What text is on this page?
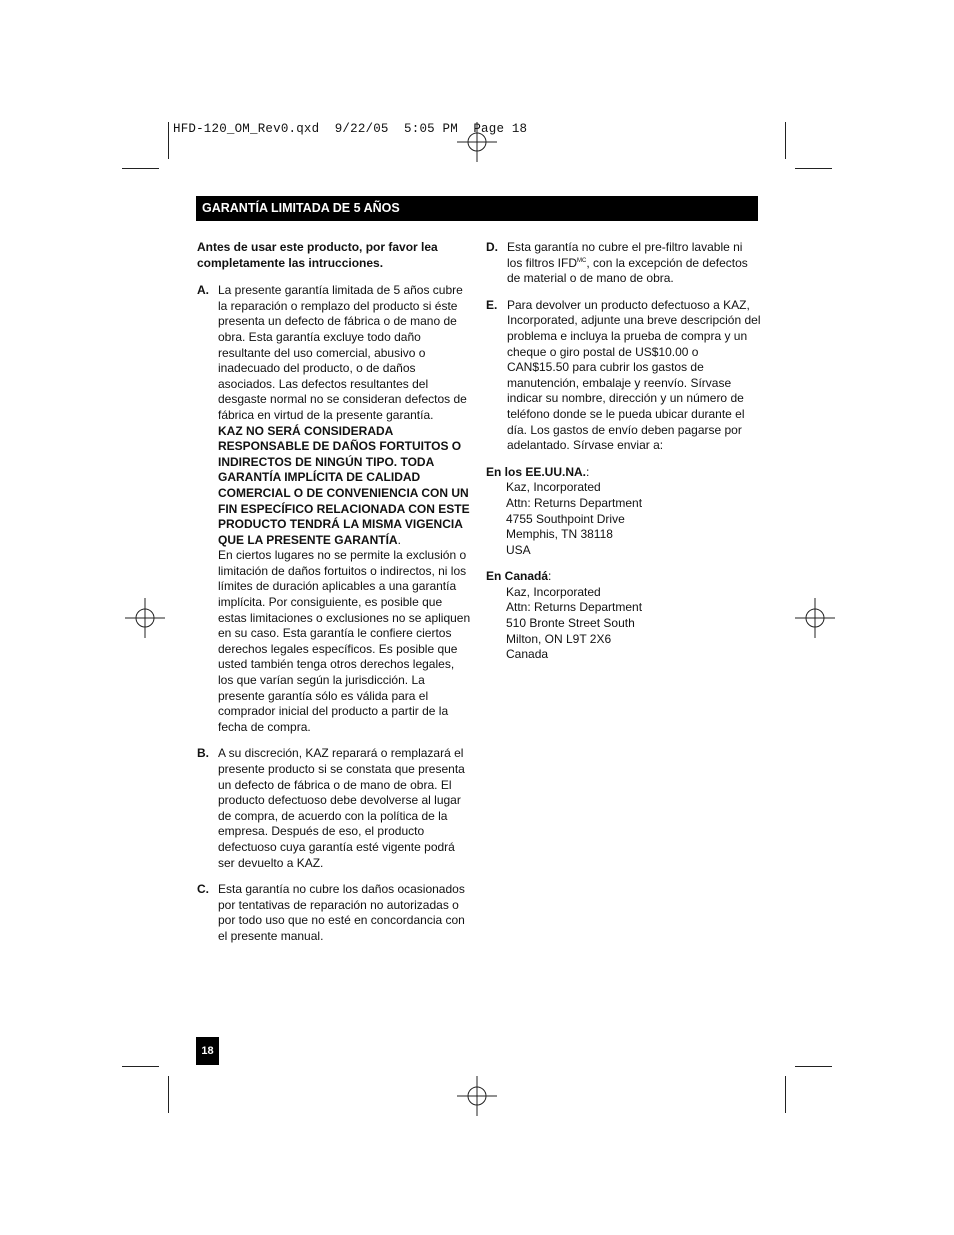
HFD-120_OM_Rev0.qxd  9/22/05  5:05 PM  Page 18
GARANTÍA LIMITADA DE 5 AÑOS

Antes de usar este producto, por favor lea completamente las intrucciones.

A. La presente garantía limitada de 5 años cubre la reparación o remplazo del producto si éste presenta un defecto de fábrica o de mano de obra. Esta garantía excluye todo daño resultante del uso comercial, abusivo o inadecuado del producto, o de daños asociados. Las defectos resultantes del desgaste normal no se consideran defectos de fábrica en virtud de la presente garantía.

KAZ NO SERÁ CONSIDERADA RESPONSABLE DE DAÑOS FORTUITOS O INDIRECTOS DE NINGÚN TIPO. TODA GARANTÍA IMPLÍCITA DE CALIDAD COMERCIAL O DE CONVENIENCIA CON UN FIN ESPECÍFICO RELACIONADA CON ESTE PRODUCTO TENDRÁ LA MISMA VIGENCIA QUE LA PRESENTE GARANTÍA.

En ciertos lugares no se permite la exclusión o limitación de daños fortuitos o indirectos, ni los límites de duración aplicables a una garantía implícita. Por consiguiente, es posible que estas limitaciones o exclusiones no se apliquen en su caso. Esta garantía le confiere ciertos derechos legales específicos. Es posible que usted también tenga otros derechos legales, los que varían según la jurisdicción. La presente garantía sólo es válida para el comprador inicial del producto a partir de la fecha de compra.

B. A su discreción, KAZ reparará o remplazará el presente producto si se constata que presenta un defecto de fábrica o de mano de obra. El producto defectuoso debe devolverse al lugar de compra, de acuerdo con la política de la empresa. Después de eso, el producto defectuoso cuya garantía esté vigente podrá ser devuelto a KAZ.

C. Esta garantía no cubre los daños ocasionados por tentativas de reparación no autorizadas o por todo uso que no esté en concordancia con el presente manual.

D. Esta garantía no cubre el pre-filtro lavable ni los filtros $IFD^{MC}$, con la excepción de defectos de material o de mano de obra.

E. Para devolver un producto defectuoso a KAZ, Incorporated, adjunte una breve descripción del problema e incluya la prueba de compra y un cheque o giro postal de US$10.00 o CAN$15.50 para cubrir los gastos de manutención, embalaje y reenvío. Sírvase indicar su nombre, dirección y un número de teléfono donde se le pueda ubicar durante el día. Los gastos de envío deben pagarse por adelantado. Sírvase enviar a:

En los EE.UU.NA.:

Kaz, Incorporated
Attn: Returns Department
4755 Southpoint Drive
Memphis, TN 38118
USA

En Canadá:

Kaz, Incorporated
Attn: Returns Department
510 Bronte Street South
Milton, ON L9T 2X6
Canada
18
